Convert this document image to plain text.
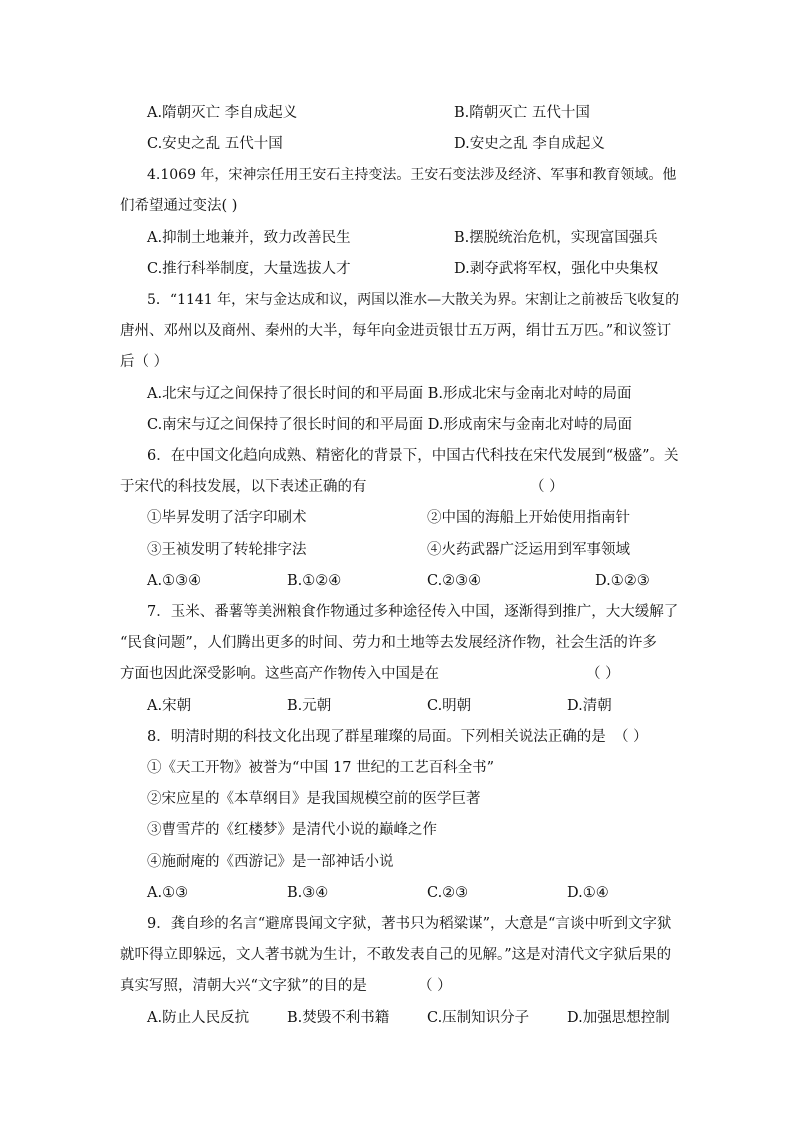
A.隋朝灭亡 李自成起义	B.隋朝灭亡 五代十国
C.安史之乱 五代十国	D.安史之乱 李自成起义
4.1069 年，宋神宗任用王安石主持变法。王安石变法涉及经济、军事和教育领域。他
们希望通过变法( )
A.抑制土地兼并，致力改善民生	B.摆脱统治危机，实现富国强兵
C.推行科举制度，大量选拔人才	D.剥夺武将军权，强化中央集权
5．“1141 年，宋与金达成和议，两国以淮水—大散关为界。宋割让之前被岳飞收复的
唐州、邓州以及商州、秦州的大半，每年向金进贡银廿五万两，绢廿五万匹。”和议签订
后（ ）
A.北宋与辽之间保持了很长时间的和平局面 B.形成北宋与金南北对峙的局面
C.南宋与辽之间保持了很长时间的和平局面 D.形成南宋与金南北对峙的局面
6．在中国文化趋向成熟、精密化的背景下，中国古代科技在宋代发展到“极盛”。关
于宋代的科技发展，以下表述正确的有	（ ）
①毕昇发明了活字印刷术	②中国的海船上开始使用指南针
③王祯发明了转轮排字法	④火药武器广泛运用到军事领域
A.①③④	B.①②④	C.②③④	D.①②③
7．玉米、番薯等美洲粮食作物通过多种途径传入中国，逐渐得到推广，大大缓解了
“民食问题”，人们腾出更多的时间、劳力和土地等去发展经济作物，社会生活的许多
方面也因此深受影响。这些高产作物传入中国是在	（ ）
A.宋朝	B.元朝	C.明朝	D.清朝
8．明清时期的科技文化出现了群星璀璨的局面。下列相关说法正确的是 （ ）
①《天工开物》被誉为“中国 17 世纪的工艺百科全书”
②宋应星的《本草纲目》是我国规模空前的医学巨著
③曹雪芹的《红楼梦》是清代小说的巅峰之作
④施耐庵的《西游记》是一部神话小说
A.①③	B.③④	C.②③	D.①④
9．龚自珍的名言“避席畏闻文字狱，著书只为稻粱谋”，大意是“言谈中听到文字狱
就吓得立即躲远，文人著书就为生计，不敢发表自己的见解。”这是对清代文字狱后果的
真实写照，清朝大兴“文字狱”的目的是	（ ）
A.防止人民反抗	B.焚毁不利书籍	C.压制知识分子	D.加强思想控制
